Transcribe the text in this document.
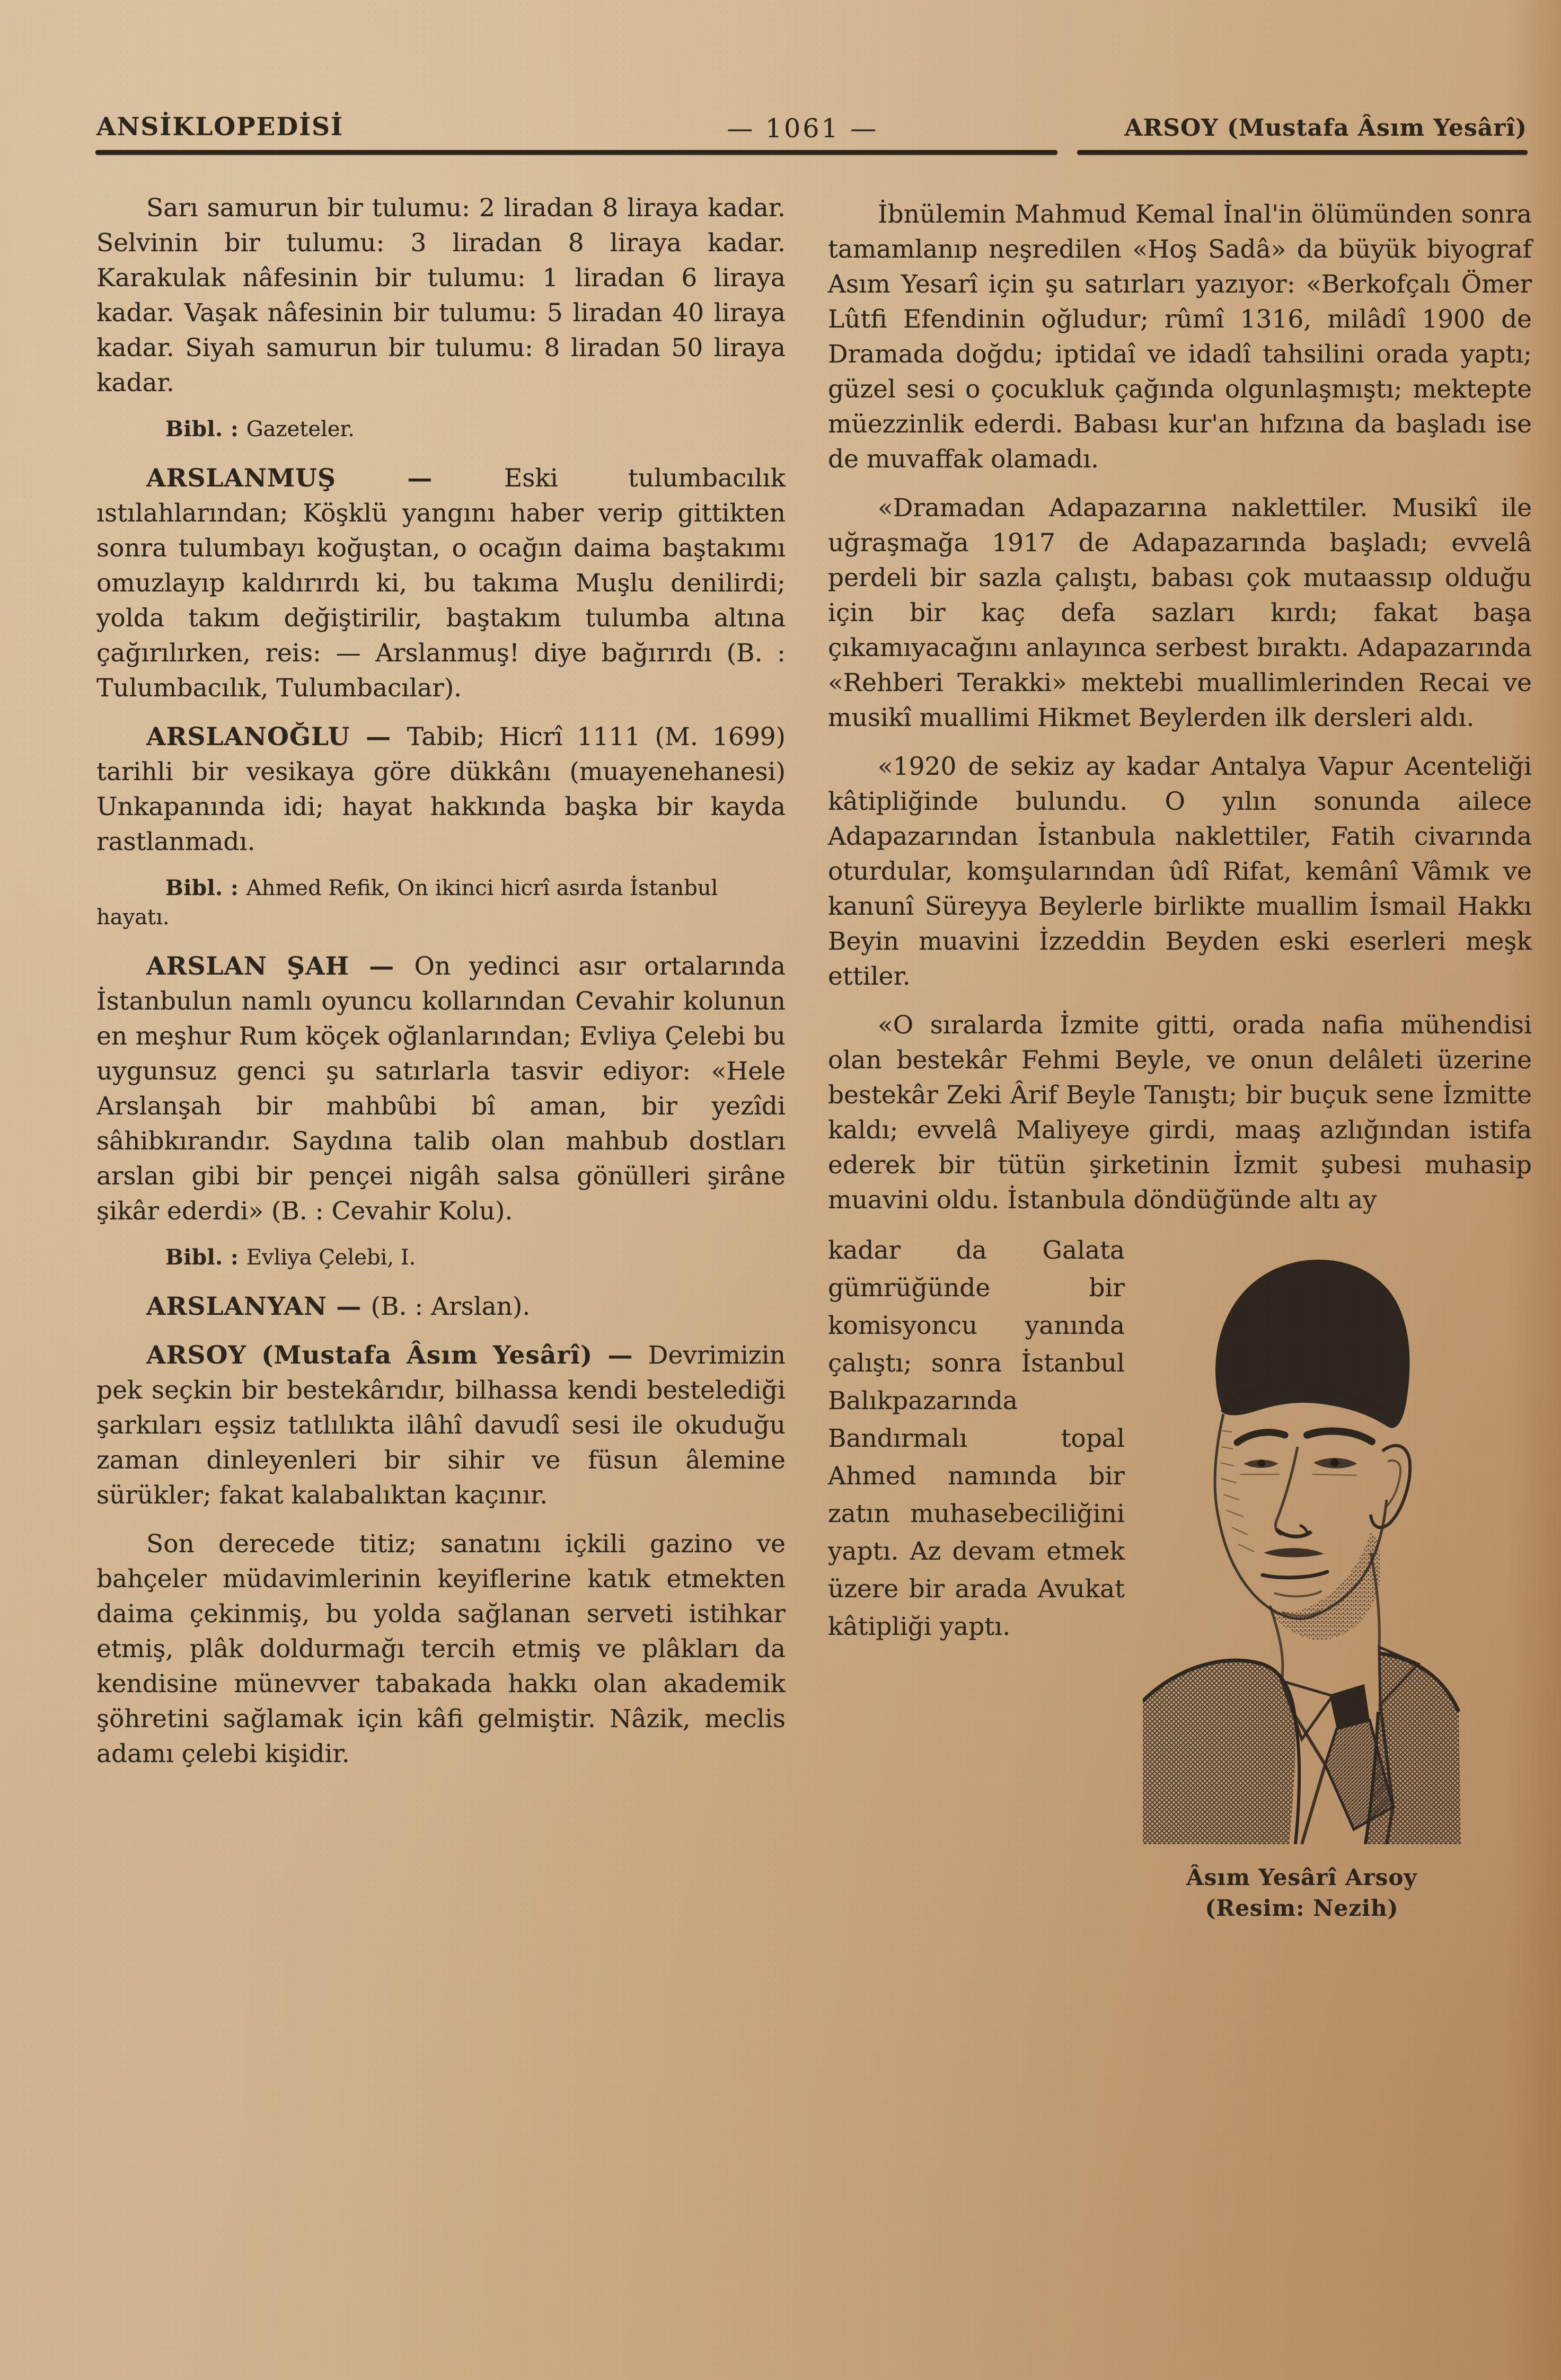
ANSİKLOPEDİSİ	— 1061 —	ARSOY (Mustafa Âsım Yesârî)

Sarı samurun bir tulumu: 2 liradan 8 liraya kadar. Selvinin bir tulumu: 3 liradan 8 liraya kadar. Karakulak nâfesinin bir tulumu: 1 liradan 6 liraya kadar. Vaşak nâfesinin bir tulumu: 5 liradan 40 liraya kadar. Siyah samurun bir tulumu: 8 liradan 50 liraya kadar.

Bibl. : Gazeteler.

ARSLANMUŞ — Eski tulumbacılık ıstılahlarından; Köşklü yangını haber verip gittikten sonra tulumbayı koğuştan, o ocağın daima baştakımı omuzlayıp kaldırırdı ki, bu takıma Muşlu denilirdi; yolda takım değiştirilir, baştakım tulumba altına çağırılırken, reis: — Arslanmuş! diye bağırırdı (B. : Tulumbacılık, Tulumbacılar).

ARSLANOĞLU — Tabib; Hicrî 1111 (M. 1699) tarihli bir vesikaya göre dükkânı (muayenehanesi) Unkapanında idi; hayat hakkında başka bir kayda rastlanmadı.

Bibl. : Ahmed Refik, On ikinci hicrî asırda İstanbul hayatı.

ARSLAN ŞAH — On yedinci asır ortalarında İstanbulun namlı oyuncu kollarından Cevahir kolunun en meşhur Rum köçek oğlanlarından; Evliya Çelebi bu uygunsuz genci şu satırlarla tasvir ediyor: «Hele Arslanşah bir mahbûbi bî aman, bir yezîdi sâhibkırandır. Saydına talib olan mahbub dostları arslan gibi bir pençei nigâh salsa gönülleri şirâne şikâr ederdi» (B. : Cevahir Kolu).

Bibl. : Evliya Çelebi, I.

ARSLANYAN — (B. : Arslan).

ARSOY (Mustafa Âsım Yesârî) — Devrimizin pek seçkin bir bestekârıdır, bilhassa kendi bestelediği şarkıları eşsiz tatlılıkta ilâhî davudî sesi ile okuduğu zaman dinleyenleri bir sihir ve füsun âlemine sürükler; fakat kalabalıktan kaçınır.

Son derecede titiz; sanatını içkili gazino ve bahçeler müdavimlerinin keyiflerine katık etmekten daima çekinmiş, bu yolda sağlanan serveti istihkar etmiş, plâk doldurmağı tercih etmiş ve plâkları da kendisine münevver tabakada hakkı olan akademik şöhretini sağlamak için kâfi gelmiştir. Nâzik, meclis adamı çelebi kişidir.

İbnülemin Mahmud Kemal İnal'in ölümünden sonra tamamlanıp neşredilen «Hoş Sadâ» da büyük biyograf Asım Yesarî için şu satırları yazıyor: «Berkofçalı Ömer Lûtfi Efendinin oğludur; rûmî 1316, milâdî 1900 de Dramada doğdu; iptidaî ve idadî tahsilini orada yaptı; güzel sesi o çocukluk çağında olgunlaşmıştı; mektepte müezzinlik ederdi. Babası kur'an hıfzına da başladı ise de muvaffak olamadı.

«Dramadan Adapazarına naklettiler. Musikî ile uğraşmağa 1917 de Adapazarında başladı; evvelâ perdeli bir sazla çalıştı, babası çok mutaassıp olduğu için bir kaç defa sazları kırdı; fakat başa çıkamıyacağını anlayınca serbest bıraktı. Adapazarında «Rehberi Terakki» mektebi muallimlerinden Recai ve musikî muallimi Hikmet Beylerden ilk dersleri aldı.

«1920 de sekiz ay kadar Antalya Vapur Acenteliği kâtipliğinde bulundu. O yılın sonunda ailece Adapazarından İstanbula naklettiler, Fatih civarında oturdular, komşularından ûdî Rifat, kemânî Vâmık ve kanunî Süreyya Beylerle birlikte muallim İsmail Hakkı Beyin muavini İzzeddin Beyden eski eserleri meşk ettiler.

«O sıralarda İzmite gitti, orada nafia mühendisi olan bestekâr Fehmi Beyle, ve onun delâleti üzerine bestekâr Zeki Ârif Beyle Tanıştı; bir buçuk sene İzmitte kaldı; evvelâ Maliyeye girdi, maaş azlığından istifa ederek bir tütün şirketinin İzmit şubesi muhasip muavini oldu. İstanbula döndüğünde altı ay

kadar da Galata gümrüğünde bir komisyoncu yanında çalıştı; sonra İstanbul Balıkpazarında Bandırmalı topal Ahmed namında bir zatın muhasebeciliğini yaptı. Az devam etmek üzere bir arada Avukat kâtipliği yaptı.
Âsım Yesârî Arsoy
(Resim: Nezih)
